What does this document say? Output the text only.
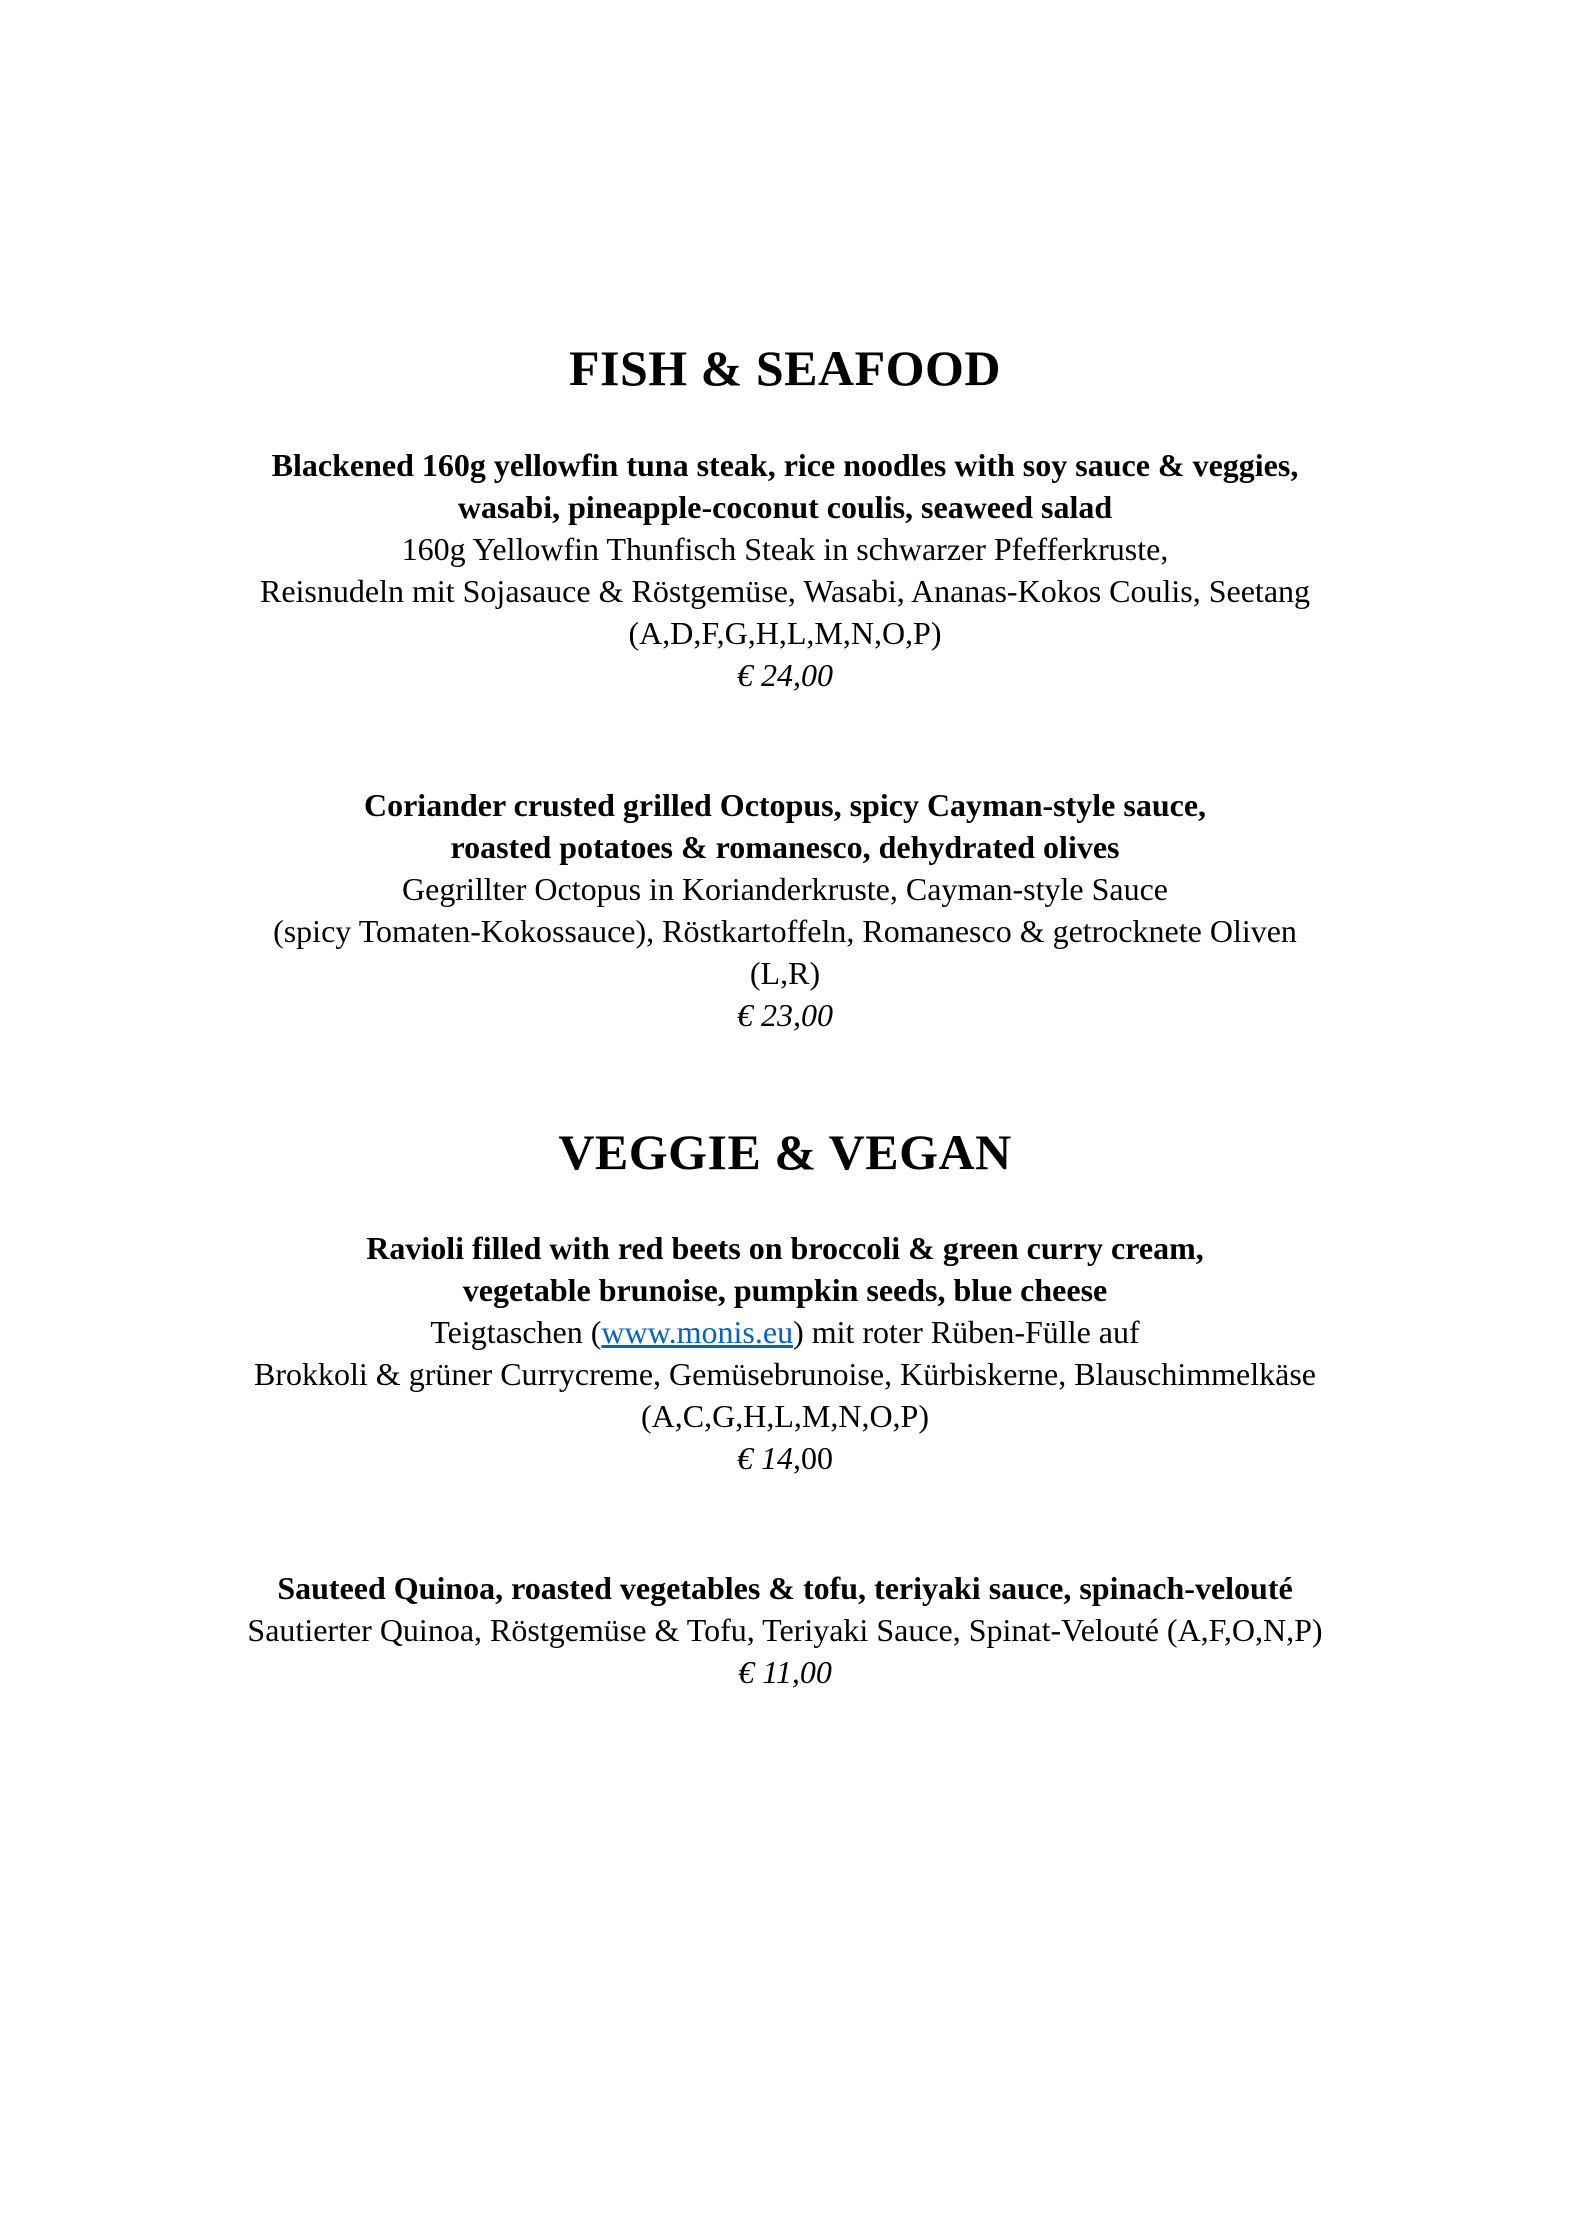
FISH & SEAFOOD
Blackened 160g yellowfin tuna steak, rice noodles with soy sauce & veggies,
wasabi, pineapple-coconut coulis, seaweed salad
160g Yellowfin Thunfisch Steak in schwarzer Pfefferkruste,
Reisnudeln mit Sojasauce & Röstgemüse, Wasabi, Ananas-Kokos Coulis, Seetang
(A,D,F,G,H,L,M,N,O,P)
€ 24,00
Coriander crusted grilled Octopus, spicy Cayman-style sauce,
roasted potatoes & romanesco, dehydrated olives
Gegrillter Octopus in Korianderkruste, Cayman-style Sauce
(spicy Tomaten-Kokossauce), Röstkartoffeln, Romanesco & getrocknete Oliven
(L,R)
€ 23,00
VEGGIE & VEGAN
Ravioli filled with red beets on broccoli & green curry cream,
vegetable brunoise, pumpkin seeds, blue cheese
Teigtaschen (www.monis.eu) mit roter Rüben-Fülle auf
Brokkoli & grüner Currycreme, Gemüsebrunoise, Kürbiskerne, Blauschimmelkäse
(A,C,G,H,L,M,N,O,P)
€ 14,00
Sauteed Quinoa, roasted vegetables & tofu, teriyaki sauce, spinach-velouté
Sautierter Quinoa, Röstgemüse & Tofu, Teriyaki Sauce, Spinat-Velouté (A,F,O,N,P)
€ 11,00
